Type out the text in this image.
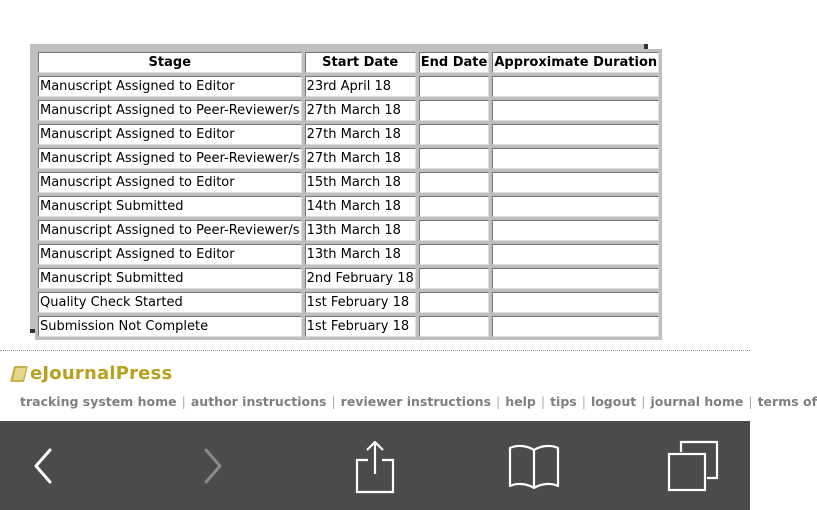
Stage	Start Date	End Date	Approximate Duration
Manuscript Assigned to Editor	23rd April 18		
Manuscript Assigned to Peer-Reviewer/s	27th March 18		
Manuscript Assigned to Editor	27th March 18		
Manuscript Assigned to Peer-Reviewer/s	27th March 18		
Manuscript Assigned to Editor	15th March 18		
Manuscript Submitted	14th March 18		
Manuscript Assigned to Peer-Reviewer/s	13th March 18		
Manuscript Assigned to Editor	13th March 18		
Manuscript Submitted	2nd February 18		
Quality Check Started	1st February 18		
Submission Not Complete	1st February 18		
eJournalPress
tracking system home | author instructions | reviewer instructions | help | tips | logout | journal home | terms of
